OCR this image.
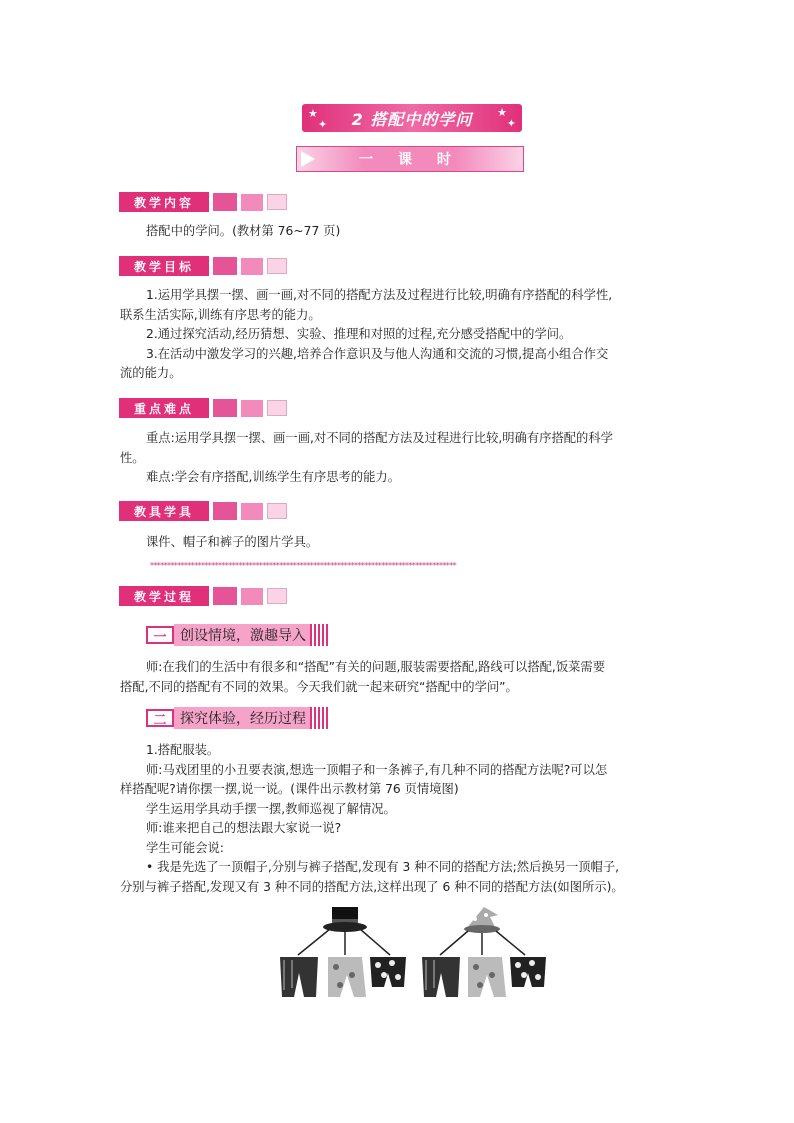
★
✦ 2 搭配中的学问 ★
✦
一 课 时
教学内容

搭配中的学问。(教材第 76~77 页)

教学目标

1.运用学具摆一摆、画一画,对不同的搭配方法及过程进行比较,明确有序搭配的科学性,

联系生活实际,训练有序思考的能力。

2.通过探究活动,经历猜想、实验、推理和对照的过程,充分感受搭配中的学问。

3.在活动中激发学习的兴趣,培养合作意识及与他人沟通和交流的习惯,提高小组合作交

流的能力。

重点难点

重点:运用学具摆一摆、画一画,对不同的搭配方法及过程进行比较,明确有序搭配的科学

性。

难点:学会有序搭配,训练学生有序思考的能力。

教具学具

课件、帽子和裤子的图片学具。

******************************************************************************************
教学过程
一 创设情境，激趣导入

师:在我们的生活中有很多和“搭配”有关的问题,服装需要搭配,路线可以搭配,饭菜需要

搭配,不同的搭配有不同的效果。今天我们就一起来研究“搭配中的学问”。

二 探究体验，经历过程

1.搭配服装。

师:马戏团里的小丑要表演,想选一顶帽子和一条裤子,有几种不同的搭配方法呢?可以怎

样搭配呢?请你摆一摆,说一说。(课件出示教材第 76 页情境图)

学生运用学具动手摆一摆,教师巡视了解情况。

师:谁来把自己的想法跟大家说一说?

学生可能会说:

• 我是先选了一顶帽子,分别与裤子搭配,发现有 3 种不同的搭配方法;然后换另一顶帽子,

分别与裤子搭配,发现又有 3 种不同的搭配方法,这样出现了 6 种不同的搭配方法(如图所示)。
